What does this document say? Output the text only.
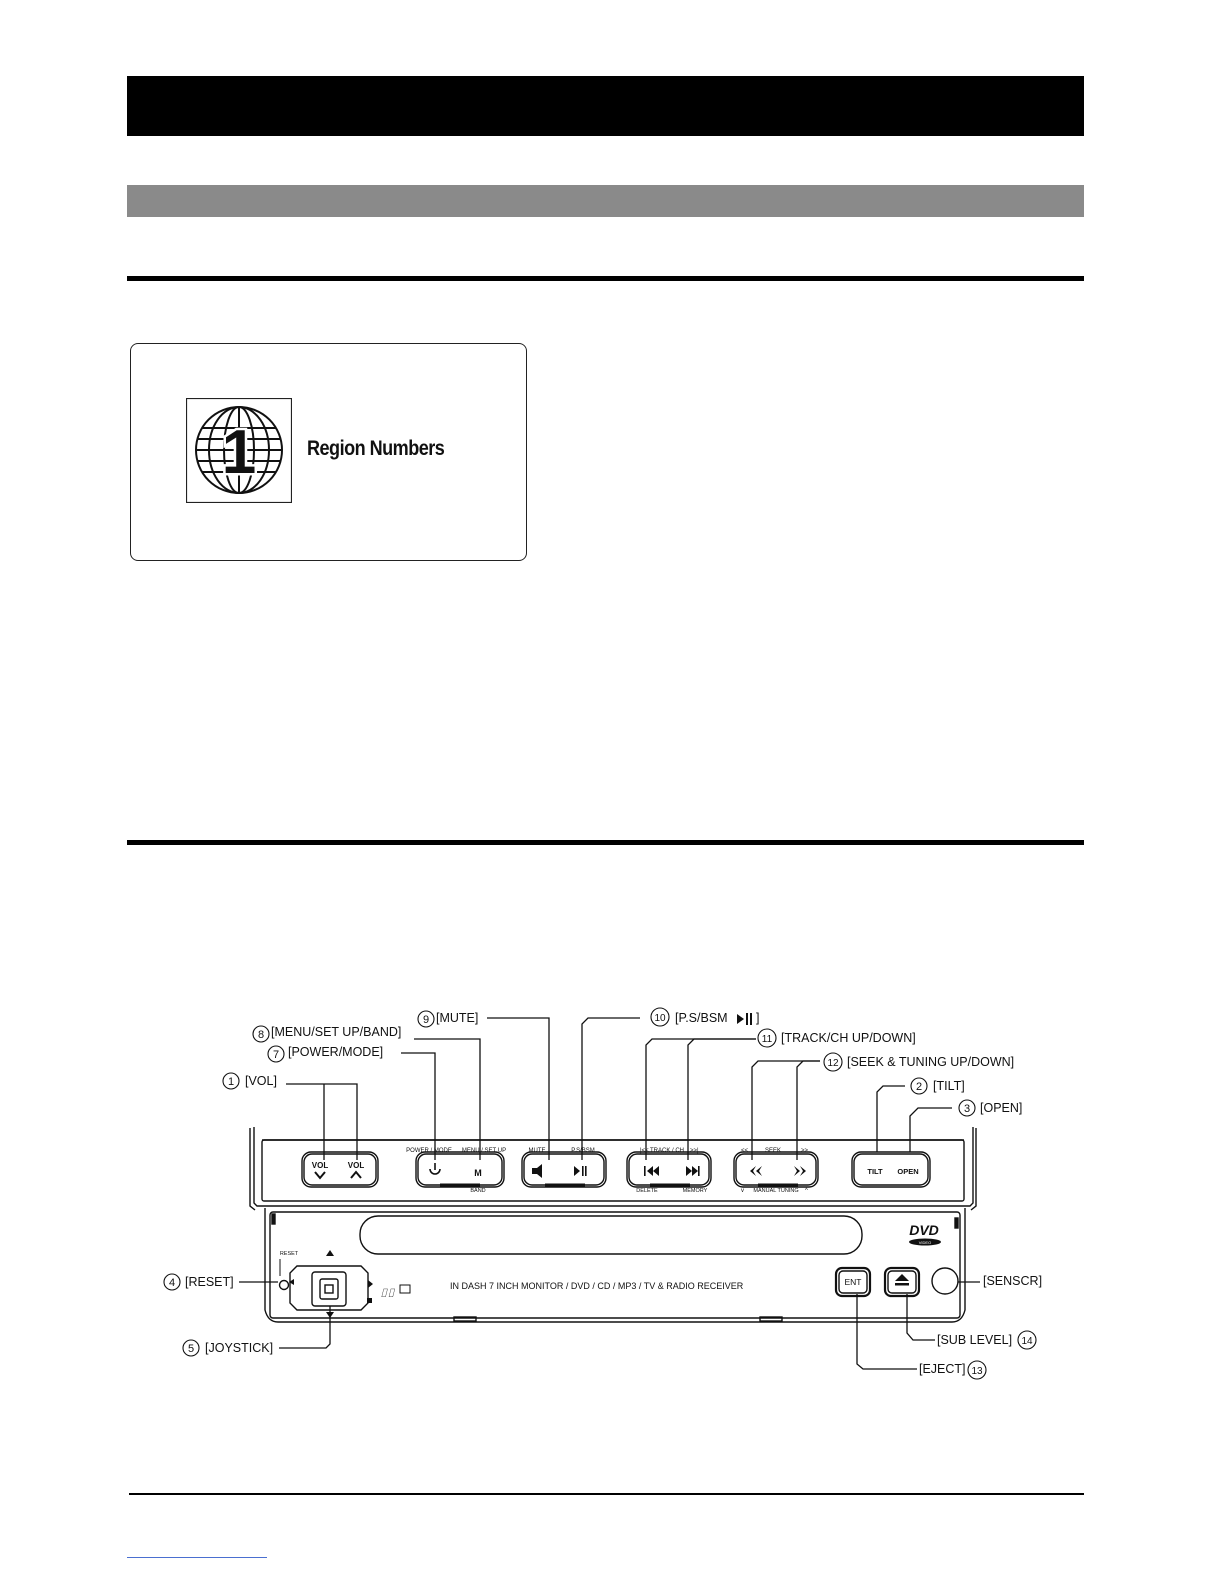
1 Region Numbers
⌷⌷
1 [VOL]
7 [POWER/MODE]
8 [MENU/SET UP/BAND]
9 [MUTE]	10 [P.S/BSM ]
11 [TRACK/CH UP/DOWN]
12 [SEEK & TUNING UP/DOWN]
2 [TILT]
3 [OPEN]
4 [RESET]
5 [JOYSTICK]
[SENSCR]
[SUB LEVEL] 14
[EJECT] 13
VOL VOL
POWER / MODE MENU / SET UP
M
BAND
MUTE	P.S/BSM	TRACK / CH
DELETE	MEMORY
|<<	>>|	SEEK
<<	>>
MANUAL TUNING
v	^
TILT OPEN
RESET
IN DASH 7 INCH MONITOR / DVD / CD / MP3 / TV & RADIO RECEIVER	ENT
DVD
VIDEO
